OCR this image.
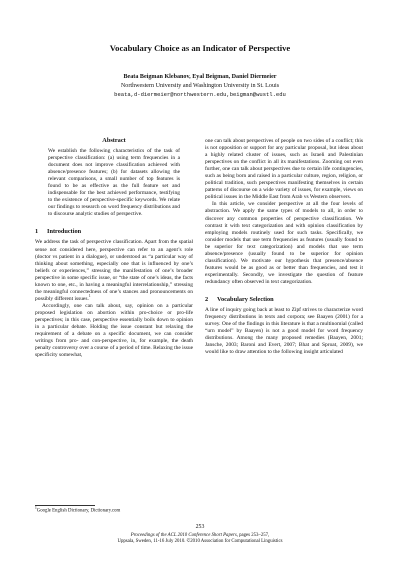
Vocabulary Choice as an Indicator of Perspective
Beata Beigman Klebanov, Eyal Beigman, Daniel Diermeier
Northwestern University and Washington University in St. Louis
beata,d-diermeier@northwestern.edu,beigman@wustl.edu
Abstract

We establish the following characteristics of the task of perspective classification: (a) using term frequencies in a document does not improve classification achieved with absence/presence features; (b) for datasets allowing the relevant comparisons, a small number of top features is found to be as effective as the full feature set and indispensable for the best achieved performance, testifying to the existence of perspective-specific keywords. We relate our findings to research on word frequency distributions and to discourse analytic studies of perspective.

1 Introduction

We address the task of perspective classification. Apart from the spatial sense not considered here, perspective can refer to an agent’s role (doctor vs patient in a dialogue), or understood as “a particular way of thinking about something, especially one that is influenced by one’s beliefs or experiences,” stressing the manifestation of one’s broader perspective in some specific issue, or “the state of one’s ideas, the facts known to one, etc., in having a meaningful interrelationship,” stressing the meaningful connectedness of one’s stances and pronouncements on possibly different issues.$^1$

Accordingly, one can talk about, say, opinion on a particular proposed legislation on abortion within pro-choice or pro-life perspectives; in this case, perspective essentially boils down to opinion in a particular debate. Holding the issue constant but relaxing the requirement of a debate on a specific document, we can consider writings from pro- and con-perspective, in, for example, the death penalty controversy over a course of a period of time. Relaxing the issue specificity somewhat,

one can talk about perspectives of people on two sides of a conflict; this is not opposition or support for any particular proposal, but ideas about a highly related cluster of issues, such as Israeli and Palestinian perspectives on the conflict in all its manifestations. Zooming out even further, one can talk about perspectives due to certain life contingencies, such as being born and raised in a particular culture, region, religion, or political tradition, such perspectives manifesting themselves in certain patterns of discourse on a wide variety of issues, for example, views on political issues in the Middle East from Arab vs Western observers.

In this article, we consider perspective at all the four levels of abstraction. We apply the same types of models to all, in order to discover any common properties of perspective classification. We contrast it with text categorization and with opinion classification by employing models routinely used for such tasks. Specifically, we consider models that use term frequencies as features (usually found to be superior for text categorization) and models that use term absence/presence (usually found to be superior for opinion classification). We motivate our hypothesis that presence/absence features would be as good as or better than frequencies, and test it experimentally. Secondly, we investigate the question of feature redundancy often observed in text categorization.

2 Vocabulary Selection

A line of inquiry going back at least to Zipf strives to characterize word frequency distributions in texts and corpora; see Baayen (2001) for a survey. One of the findings in this literature is that a multinomial (called “urn model” by Baayen) is not a good model for word frequency distributions. Among the many proposed remedies (Baayen, 2001; Jansche, 2003; Baroni and Evert, 2007; Bhat and Sproat, 2009), we would like to draw attention to the following insight articulated

$^1$Google English Dictionary, Dictionary.com
253
Proceedings of the ACL 2010 Conference Short Papers, pages 253–257,
Uppsala, Sweden, 11-16 July 2010. ©2010 Association for Computational Linguistics
